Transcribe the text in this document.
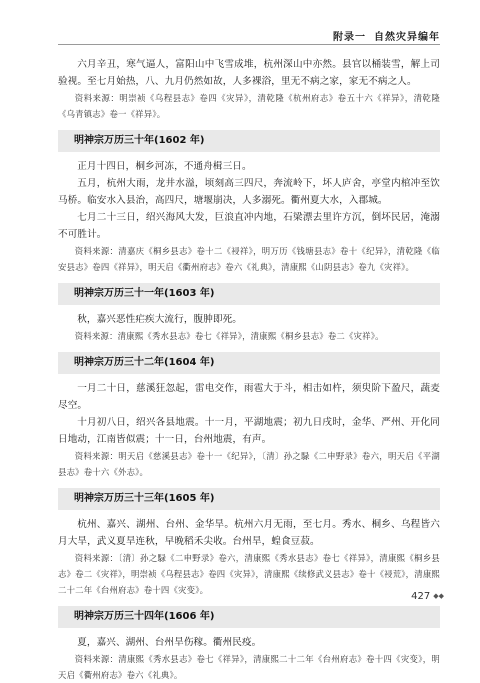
附录一 自然灾异编年

六月辛丑，寒气逼人，富阳山中飞雪成堆，杭州深山中亦然。县官以桶装雪，解上司验视。至七月始热，八、九月仍然如故，人多裸浴，里无不病之家，家无不病之人。

资料来源：明崇祯《乌程县志》卷四《灾异》，清乾隆《杭州府志》卷五十六《祥异》，清乾隆《乌青镇志》卷一《祥异》。

明神宗万历三十年(1602 年)

正月十四日，桐乡河冻，不通舟楫三日。

五月，杭州大雨，龙井水溢，顷刻高三四尺，奔流岭下，坏人庐舍，亭堂内棺冲至饮马桥。临安水入县治，高四尺，塘堰崩决，人多溺死。衢州夏大水，入郡城。

七月二十三日，绍兴海风大发，巨浪直冲内地，石梁漂去里许方沉，倒坏民居，淹溺不可胜计。

资料来源：清嘉庆《桐乡县志》卷十二《祲祥》，明万历《钱塘县志》卷十《纪异》，清乾隆《临安县志》卷四《祥异》，明天启《衢州府志》卷六《礼典》，清康熙《山阴县志》卷九《灾祥》。

明神宗万历三十一年(1603 年)

秋，嘉兴恶性疟疾大流行，腹肿即死。

资料来源：清康熙《秀水县志》卷七《祥异》，清康熙《桐乡县志》卷二《灾祥》。

明神宗万历三十二年(1604 年)

一月二十日，慈溪狂忽起，雷电交作，雨雹大于斗，相击如杵，须臾阶下盈尺，蔬麦尽空。

十月初八日，绍兴各县地震。十一月，平湖地震；初九日戌时，金华、严州、开化同日地动，江南皆似震；十一日，台州地震，有声。

资料来源：明天启《慈溪县志》卷十一《纪异》，〔清〕孙之騄《二申野录》卷六，明天启《平湖县志》卷十六《外志》。

明神宗万历三十三年(1605 年)

杭州、嘉兴、湖州、台州、金华旱。杭州六月无雨，至七月。秀水、桐乡、乌程皆六月大旱，武义夏旱连秋，早晚稻禾尖收。台州旱，蝗食豆菽。

资料来源：〔清〕孙之騄《二申野录》卷六，清康熙《秀水县志》卷七《祥异》，清康熙《桐乡县志》卷二《灾祥》，明崇祯《乌程县志》卷四《灾异》，清康熙《续修武义县志》卷十《祲荒》，清康熙二十二年《台州府志》卷十四《灾变》。

明神宗万历三十四年(1606 年)

夏，嘉兴、湖州、台州旱伤稼。衢州民疫。

资料来源：清康熙《秀水县志》卷七《祥异》，清康熙二十二年《台州府志》卷十四《灾变》，明天启《衢州府志》卷六《礼典》。

427 ◆◆
